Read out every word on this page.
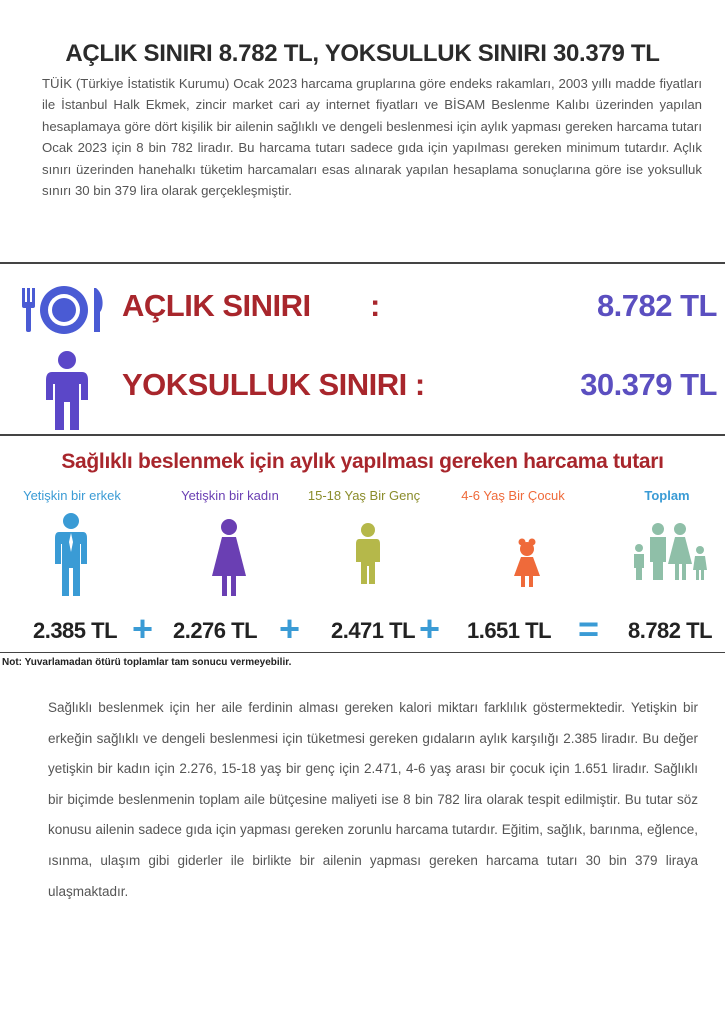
AÇLIK SINIRI 8.782 TL, YOKSULLUK SINIRI 30.379 TL
TÜİK (Türkiye İstatistik Kurumu) Ocak 2023 harcama gruplarına göre endeks rakamları, 2003 yıllı madde fiyatları ile İstanbul Halk Ekmek, zincir market cari ay internet fiyatları ve BİSAM Beslenme Kalıbı üzerinden yapılan hesaplamaya göre dört kişilik bir ailenin sağlıklı ve dengeli beslenmesi için aylık yapması gereken harcama tutarı Ocak 2023 için 8 bin 782 liradır. Bu harcama tutarı sadece gıda için yapılması gereken minimum tutardır. Açlık sınırı üzerinden hanehalkı tüketim harcamaları esas alınarak yapılan hesaplama sonuçlarına göre ise yoksulluk sınırı 30 bin 379 lira olarak gerçekleşmiştir.
AÇLIK SINIRI :	8.782 TL
YOKSULLUK SINIRI :	30.379 TL
Sağlıklı beslenmek için aylık yapılması gereken harcama tutarı
Yetişkin bir erkek	Yetişkin bir kadın	15-18 Yaş Bir Genç	4-6 Yaş Bir Çocuk	Toplam
2.385 TL	2.276 TL	2.471 TL	1.651 TL	8.782 TL
+	+	+	=
Not: Yuvarlamadan ötürü toplamlar tam sonucu vermeyebilir.
Sağlıklı beslenmek için her aile ferdinin alması gereken kalori miktarı farklılık göstermektedir. Yetişkin bir erkeğin sağlıklı ve dengeli beslenmesi için tüketmesi gereken gıdaların aylık karşılığı 2.385 liradır. Bu değer yetişkin bir kadın için 2.276, 15-18 yaş bir genç için 2.471, 4-6 yaş arası bir çocuk için 1.651 liradır. Sağlıklı bir biçimde beslenmenin toplam aile bütçesine maliyeti ise 8 bin 782 lira olarak tespit edilmiştir. Bu tutar söz konusu ailenin sadece gıda için yapması gereken zorunlu harcama tutardır. Eğitim, sağlık, barınma, eğlence, ısınma, ulaşım gibi giderler ile birlikte bir ailenin yapması gereken harcama tutarı 30 bin 379 liraya ulaşmaktadır.
